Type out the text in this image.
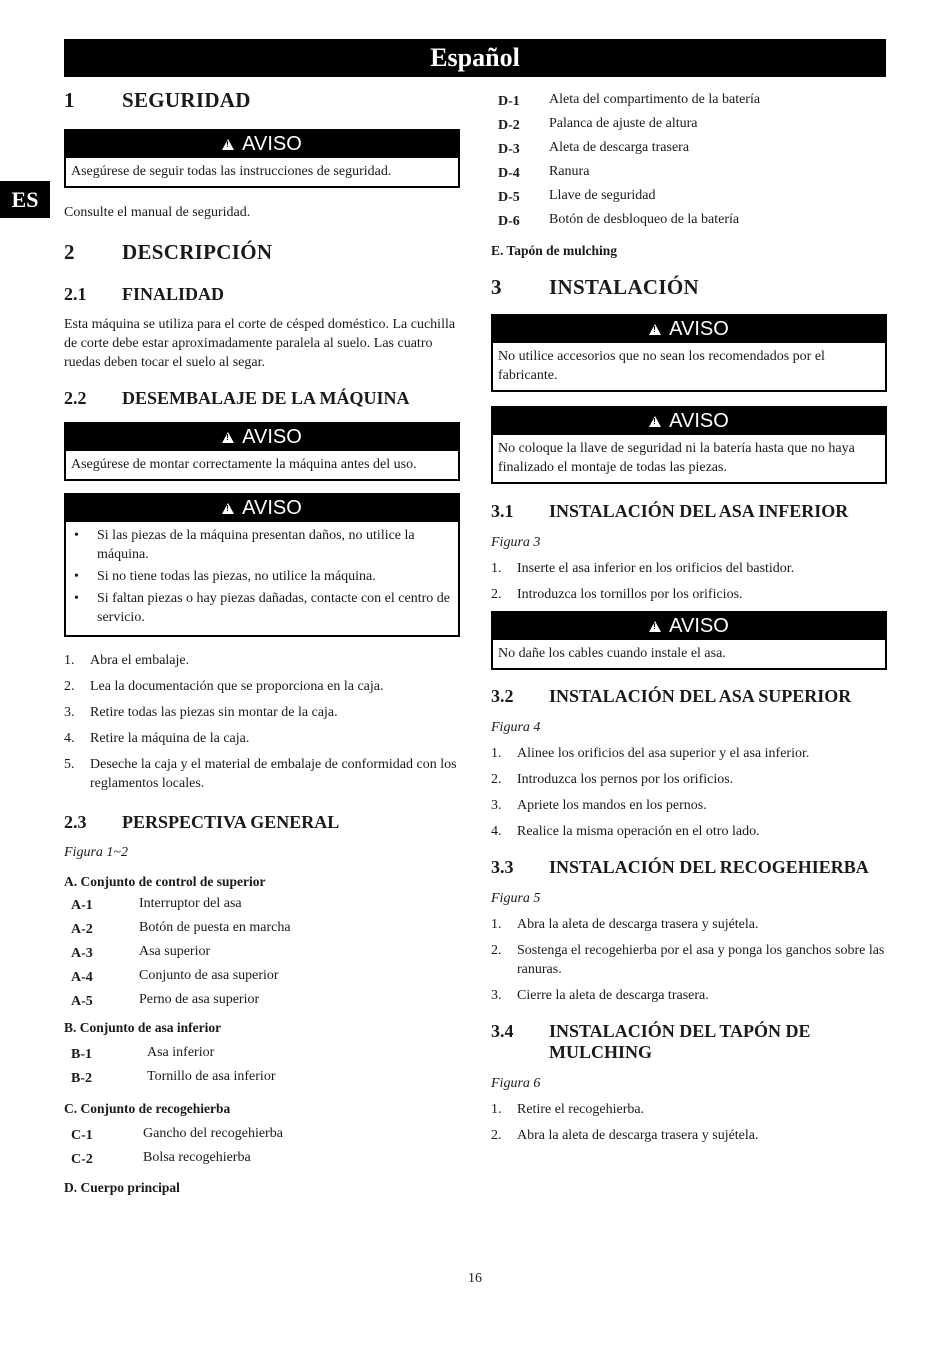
Español
ES
1	SEGURIDAD
!AVISO
Asegúrese de seguir todas las instrucciones de seguridad.
Consulte el manual de seguridad.
2	DESCRIPCIÓN
2.1	FINALIDAD
Esta máquina se utiliza para el corte de césped doméstico. La cuchilla de corte debe estar aproximadamente paralela al suelo. Las cuatro ruedas deben tocar el suelo al segar.
2.2	DESEMBALAJE DE LA MÁQUINA
!AVISO
Asegúrese de montar correctamente la máquina antes del uso.
!AVISO
• Si las piezas de la máquina presentan daños, no utilice la máquina.
• Si no tiene todas las piezas, no utilice la máquina.
• Si faltan piezas o hay piezas dañadas, contacte con el centro de servicio.
1. Abra el embalaje.
2. Lea la documentación que se proporciona en la caja.
3. Retire todas las piezas sin montar de la caja.
4. Retire la máquina de la caja.
5. Deseche la caja y el material de embalaje de conformidad con los reglamentos locales.
2.3	PERSPECTIVA GENERAL
Figura 1~2
A. Conjunto de control de superior
A-1	Interruptor del asa
A-2	Botón de puesta en marcha
A-3	Asa superior
A-4	Conjunto de asa superior
A-5	Perno de asa superior
B. Conjunto de asa inferior
B-1	Asa inferior
B-2	Tornillo de asa inferior
C. Conjunto de recogehierba
C-1	Gancho del recogehierba
C-2	Bolsa recogehierba
D. Cuerpo principal
D-1	Aleta del compartimento de la batería
D-2	Palanca de ajuste de altura
D-3	Aleta de descarga trasera
D-4	Ranura
D-5	Llave de seguridad
D-6	Botón de desbloqueo de la batería
E. Tapón de mulching
3	INSTALACIÓN
!AVISO
No utilice accesorios que no sean los recomendados por el fabricante.
!AVISO
No coloque la llave de seguridad ni la batería hasta que no haya finalizado el montaje de todas las piezas.
3.1	INSTALACIÓN DEL ASA INFERIOR
Figura 3
1. Inserte el asa inferior en los orificios del bastidor.
2. Introduzca los tornillos por los orificios.
!AVISO
No dañe los cables cuando instale el asa.
3.2	INSTALACIÓN DEL ASA SUPERIOR
Figura 4
1. Alinee los orificios del asa superior y el asa inferior.
2. Introduzca los pernos por los orificios.
3. Apriete los mandos en los pernos.
4. Realice la misma operación en el otro lado.
3.3	INSTALACIÓN DEL RECOGEHIERBA
Figura 5
1. Abra la aleta de descarga trasera y sujétela.
2. Sostenga el recogehierba por el asa y ponga los ganchos sobre las ranuras.
3. Cierre la aleta de descarga trasera.
3.4	INSTALACIÓN DEL TAPÓN DE MULCHING
Figura 6
1. Retire el recogehierba.
2. Abra la aleta de descarga trasera y sujétela.
16
